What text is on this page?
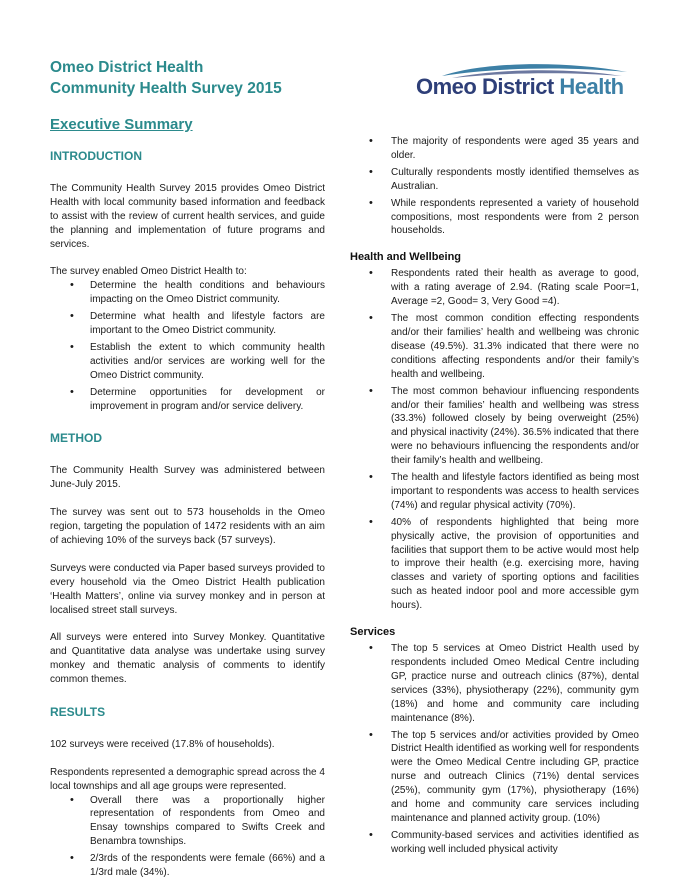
Omeo District Health
Community Health Survey 2015	Omeo District Health
Executive Summary
INTRODUCTION

The Community Health Survey 2015 provides Omeo District Health with local community based information and feedback to assist with the review of current health services, and guide the planning and implementation of future programs and services.

The survey enabled Omeo District Health to:

• Determine the health conditions and behaviours impacting on the Omeo District community.
• Determine what health and lifestyle factors are important to the Omeo District community.
• Establish the extent to which community health activities and/or services are working well for the Omeo District community.
• Determine opportunities for development or improvement in program and/or service delivery.
METHOD

The Community Health Survey was administered between June-July 2015.

The survey was sent out to 573 households in the Omeo region, targeting the population of 1472 residents with an aim of achieving 10% of the surveys back (57 surveys).

Surveys were conducted via Paper based surveys provided to every household via the Omeo District Health publication ‘Health Matters’, online via survey monkey and in person at localised street stall surveys.

All surveys were entered into Survey Monkey. Quantitative and Quantitative data analyse was undertake using survey monkey and thematic analysis of comments to identify common themes.

RESULTS

102 surveys were received (17.8% of households).

Respondents represented a demographic spread across the 4 local townships and all age groups were represented.

• Overall there was a proportionally higher representation of respondents from Omeo and Ensay townships compared to Swifts Creek and Benambra townships.
• 2/3rds of the respondents were female (66%) and a 1/3rd male (34%).
• The majority of respondents were aged 35 years and older.
• Culturally respondents mostly identified themselves as Australian.
• While respondents represented a variety of household compositions, most respondents were from 2 person households.
Health and Wellbeing
• Respondents rated their health as average to good, with a rating average of 2.94. (Rating scale Poor=1, Average =2, Good= 3, Very Good =4).
• The most common condition effecting respondents and/or their families’ health and wellbeing was chronic disease (49.5%). 31.3% indicated that there were no conditions affecting respondents and/or their family’s health and wellbeing.
• The most common behaviour influencing respondents and/or their families’ health and wellbeing was stress (33.3%) followed closely by being overweight (25%) and physical inactivity (24%). 36.5% indicated that there were no behaviours influencing the respondents and/or their family’s health and wellbeing.
• The health and lifestyle factors identified as being most important to respondents was access to health services (74%) and regular physical activity (70%).
• 40% of respondents highlighted that being more physically active, the provision of opportunities and facilities that support them to be active would most help to improve their health (e.g. exercising more, having classes and variety of sporting options and facilities such as heated indoor pool and more accessible gym hours).
Services
• The top 5 services at Omeo District Health used by respondents included Omeo Medical Centre including GP, practice nurse and outreach clinics (87%), dental services (33%), physiotherapy (22%), community gym (18%) and home and community care including maintenance (8%).
• The top 5 services and/or activities provided by Omeo District Health identified as working well for respondents were the Omeo Medical Centre including GP, practice nurse and outreach Clinics (71%) dental services (25%), community gym (17%), physiotherapy (16%) and home and community care services including maintenance and planned activity group. (10%)
• Community-based services and activities identified as working well included physical activity
